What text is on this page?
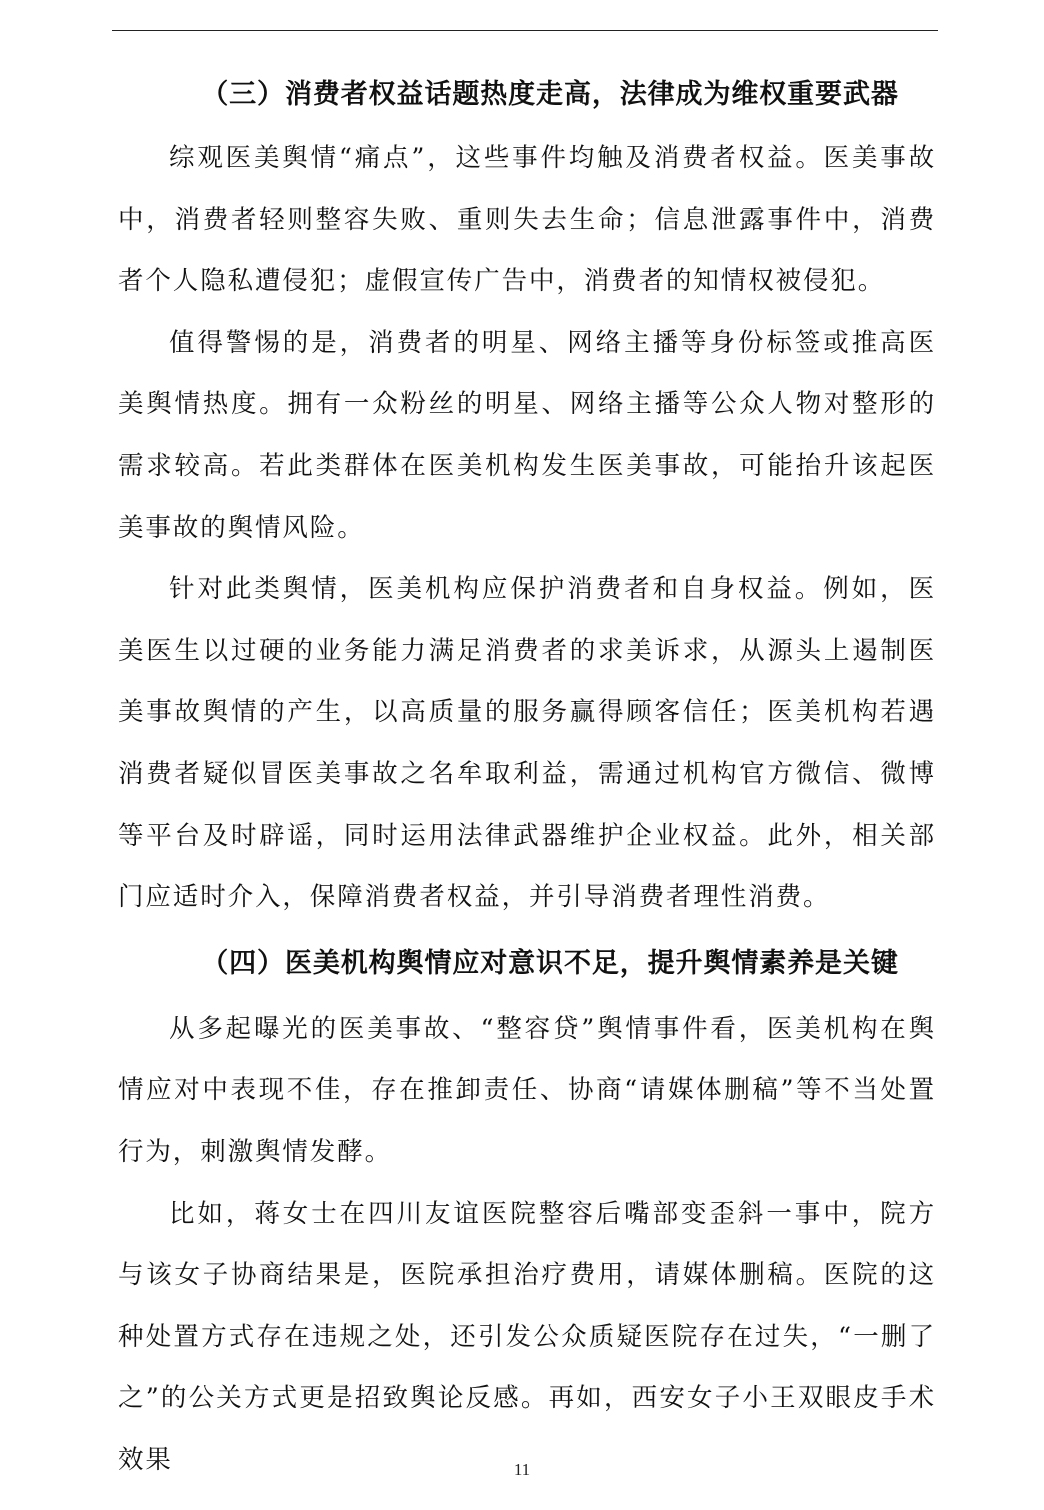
（三）消费者权益话题热度走高，法律成为维权重要武器

综观医美舆情“痛点”，这些事件均触及消费者权益。医美事故中，消费者轻则整容失败、重则失去生命；信息泄露事件中，消费者个人隐私遭侵犯；虚假宣传广告中，消费者的知情权被侵犯。

值得警惕的是，消费者的明星、网络主播等身份标签或推高医美舆情热度。拥有一众粉丝的明星、网络主播等公众人物对整形的需求较高。若此类群体在医美机构发生医美事故，可能抬升该起医美事故的舆情风险。

针对此类舆情，医美机构应保护消费者和自身权益。例如，医美医生以过硬的业务能力满足消费者的求美诉求，从源头上遏制医美事故舆情的产生，以高质量的服务赢得顾客信任；医美机构若遇消费者疑似冒医美事故之名牟取利益，需通过机构官方微信、微博等平台及时辟谣，同时运用法律武器维护企业权益。此外，相关部门应适时介入，保障消费者权益，并引导消费者理性消费。

（四）医美机构舆情应对意识不足，提升舆情素养是关键

从多起曝光的医美事故、“整容贷”舆情事件看，医美机构在舆情应对中表现不佳，存在推卸责任、协商“请媒体删稿”等不当处置行为，刺激舆情发酵。

比如，蒋女士在四川友谊医院整容后嘴部变歪斜一事中，院方与该女子协商结果是，医院承担治疗费用，请媒体删稿。医院的这种处置方式存在违规之处，还引发公众质疑医院存在过失，“一删了之”的公关方式更是招致舆论反感。再如，西安女子小王双眼皮手术效果	11
